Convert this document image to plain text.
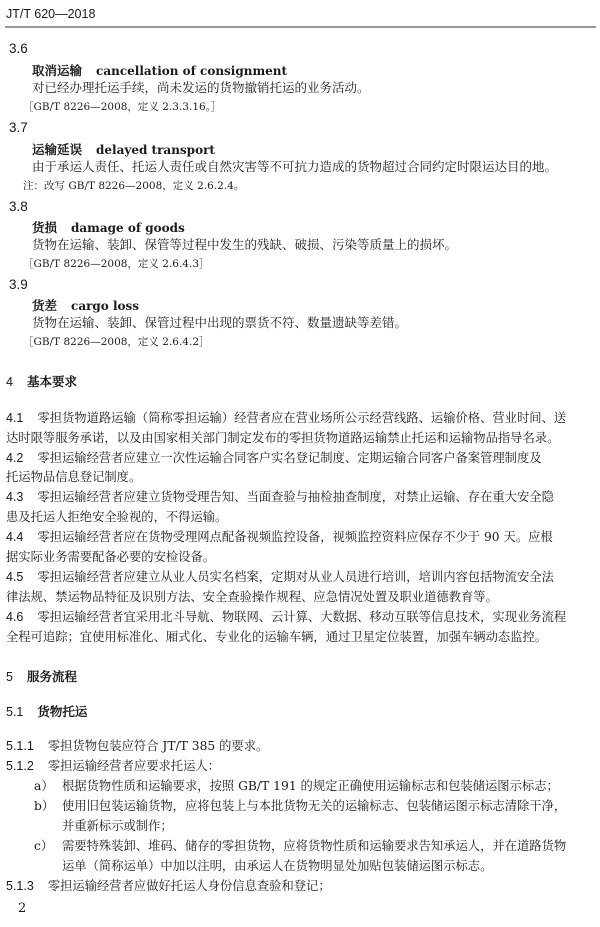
JT/T 620—2018
3.6
取消运输 cancellation of consignment
对已经办理托运手续，尚未发运的货物撤销托运的业务活动。
［GB/T 8226—2008，定义 2.3.3.16。］
3.7
运输延误 delayed transport
由于承运人责任、托运人责任或自然灾害等不可抗力造成的货物超过合同约定时限运达目的地。
注：改写 GB/T 8226—2008，定义 2.6.2.4。
3.8
货损 damage of goods
货物在运输、装卸、保管等过程中发生的残缺、破损、污染等质量上的损坏。
［GB/T 8226—2008，定义 2.6.4.3］
3.9
货差 cargo loss
货物在运输、装卸、保管过程中出现的票货不符、数量遗缺等差错。
［GB/T 8226—2008，定义 2.6.4.2］
4 基本要求
4.1 零担货物道路运输（简称零担运输）经营者应在营业场所公示经营线路、运输价格、营业时间、送
达时限等服务承诺，以及由国家相关部门制定发布的零担货物道路运输禁止托运和运输物品指导名录。
4.2 零担运输经营者应建立一次性运输合同客户实名登记制度、定期运输合同客户备案管理制度及
托运物品信息登记制度。
4.3 零担运输经营者应建立货物受理告知、当面查验与抽检抽查制度，对禁止运输、存在重大安全隐
患及托运人拒绝安全验视的，不得运输。
4.4 零担运输经营者应在货物受理网点配备视频监控设备，视频监控资料应保存不少于 90 天。应根
据实际业务需要配备必要的安检设备。
4.5 零担运输经营者应建立从业人员实名档案，定期对从业人员进行培训，培训内容包括物流安全法
律法规、禁运物品特征及识别方法、安全查验操作规程、应急情况处置及职业道德教育等。
4.6 零担运输经营者宜采用北斗导航、物联网、云计算、大数据、移动互联等信息技术，实现业务流程
全程可追踪；宜使用标准化、厢式化、专业化的运输车辆，通过卫星定位装置，加强车辆动态监控。
5 服务流程
5.1 货物托运
5.1.1 零担货物包装应符合 JT/T 385 的要求。
5.1.2 零担运输经营者应要求托运人：
a） 根据货物性质和运输要求，按照 GB/T 191 的规定正确使用运输标志和包装储运图示标志；
b） 使用旧包装运输货物，应将包装上与本批货物无关的运输标志、包装储运图示标志清除干净，
并重新标示或制作；
c） 需要特殊装卸、堆码、储存的零担货物，应将货物性质和运输要求告知承运人，并在道路货物
运单（简称运单）中加以注明，由承运人在货物明显处加贴包装储运图示标志。
5.1.3 零担运输经营者应做好托运人身份信息查验和登记；
2
